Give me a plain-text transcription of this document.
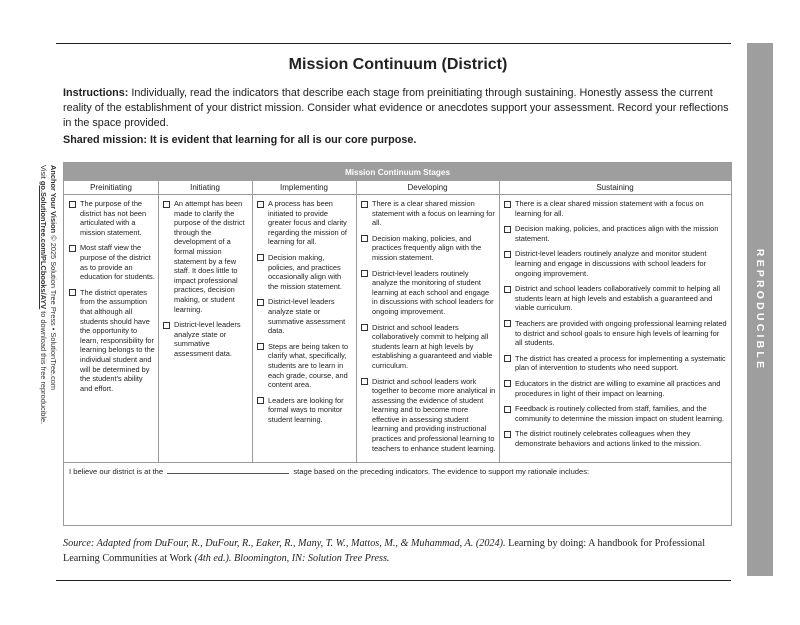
Anchor Your Vision © 2025 Solution Tree Press • SolutionTree.com
Visit go.SolutionTree.com/PLCbooks/AYV to download this free reproducible.	REPRODUCIBLE
Mission Continuum (District)
Instructions: Individually, read the indicators that describe each stage from preinitiating through sustaining. Honestly assess the current reality of the establishment of your district mission. Consider what evidence or anecdotes support your assessment. Record your reflections in the space provided.
Shared mission: It is evident that learning for all is our core purpose.
Mission Continuum Stages
Preinitiating
The purpose of the district has not been articulated with a mission statement.
Most staff view the purpose of the district as to provide an education for students.
The district operates from the assumption that although all students should have the opportunity to learn, responsibility for learning belongs to the individual student and will be determined by the student's ability and effort.
Initiating
An attempt has been made to clarify the purpose of the district through the development of a formal mission statement by a few staff. It does little to impact professional practices, decision making, or student learning.
District-level leaders analyze state or summative assessment data.
Implementing
A process has been initiated to provide greater focus and clarity regarding the mission of learning for all.
Decision making, policies, and practices occasionally align with the mission statement.
District-level leaders analyze state or summative assessment data.
Steps are being taken to clarify what, specifically, students are to learn in each grade, course, and content area.
Leaders are looking for formal ways to monitor student learning.
Developing
There is a clear shared mission statement with a focus on learning for all.
Decision making, policies, and practices frequently align with the mission statement.
District-level leaders routinely analyze the monitoring of student learning at each school and engage in discussions with school leaders for ongoing improvement.
District and school leaders collaboratively commit to helping all students learn at high levels by establishing a guaranteed and viable curriculum.
District and school leaders work together to become more analytical in assessing the evidence of student learning and to become more effective in assessing student learning and providing instructional practices and professional learning to teachers to enhance student learning.
Sustaining
There is a clear shared mission statement with a focus on learning for all.
Decision making, policies, and practices align with the mission statement.
District-level leaders routinely analyze and monitor student learning and engage in discussions with school leaders for ongoing improvement.
District and school leaders collaboratively commit to helping all students learn at high levels and establish a guaranteed and viable curriculum.
Teachers are provided with ongoing professional learning related to district and school goals to ensure high levels of learning for all students.
The district has created a process for implementing a systematic plan of intervention to students who need support.
Educators in the district are willing to examine all practices and procedures in light of their impact on learning.
Feedback is routinely collected from staff, families, and the community to determine the mission impact on student learning.
The district routinely celebrates colleagues when they demonstrate behaviors and actions linked to the mission.
I believe our district is at the	stage based on the preceding indicators. The evidence to support my rationale includes:
Source: Adapted from DuFour, R., DuFour, R., Eaker, R., Many, T. W., Mattos, M., & Muhammad, A. (2024). Learning by doing: A handbook for Professional Learning Communities at Work (4th ed.). Bloomington, IN: Solution Tree Press.
